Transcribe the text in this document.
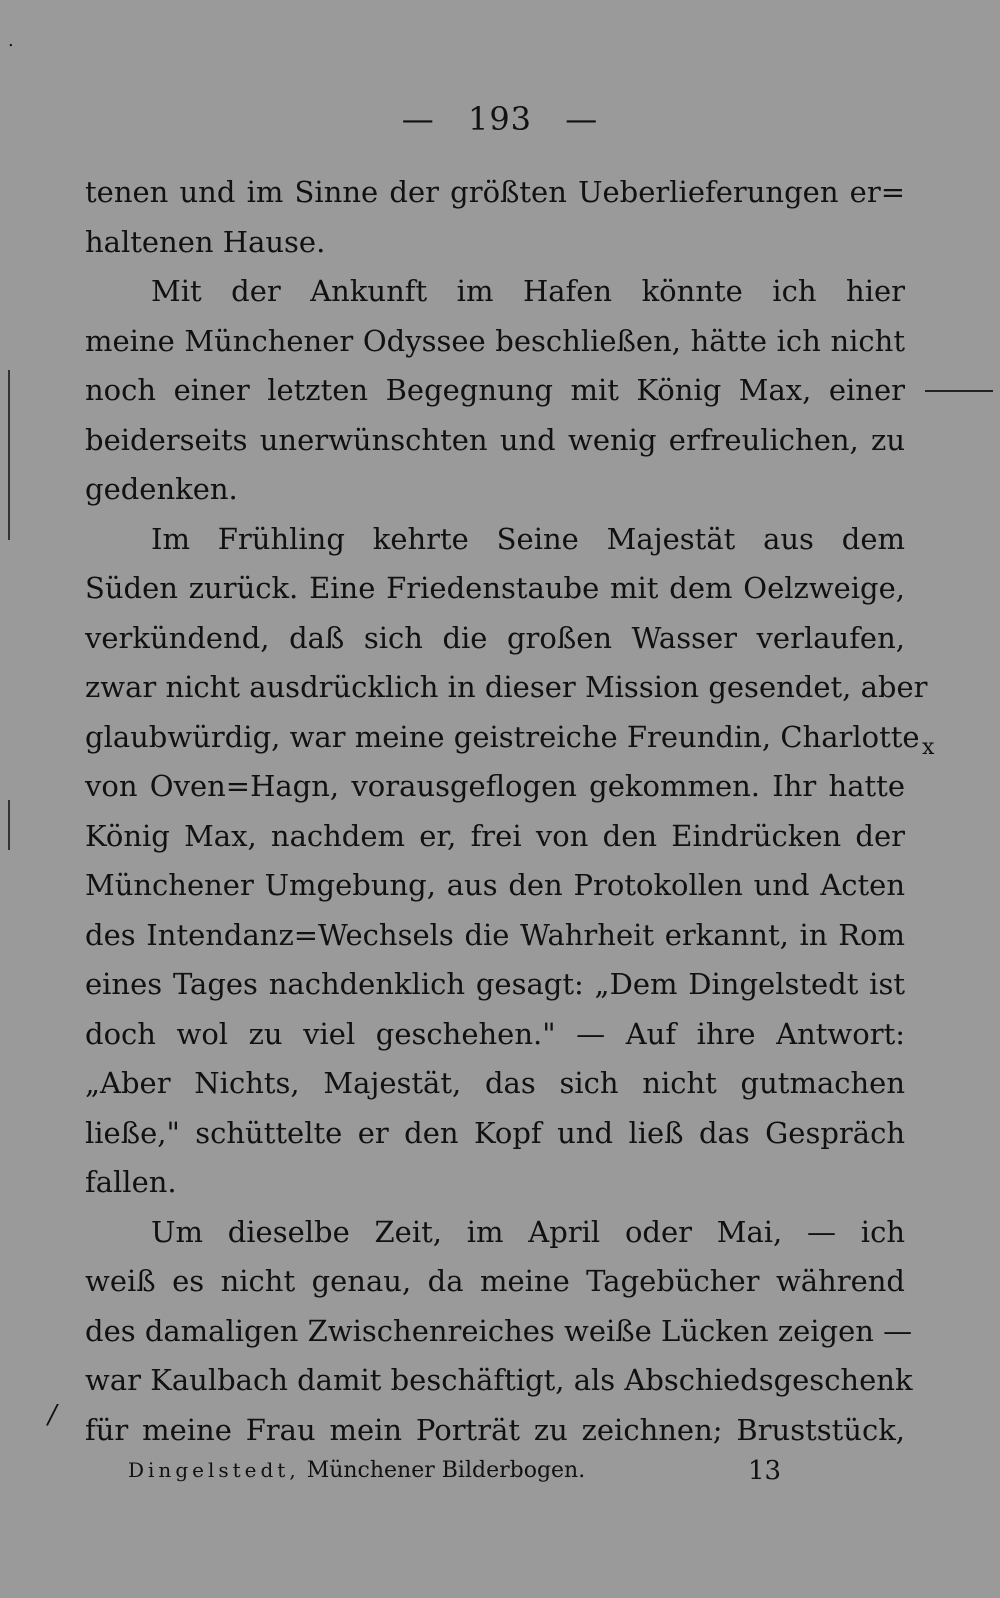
.
— 193 —
tenen und im Sinne der größten Ueberlieferungen er=
haltenen Hause.
Mit der Ankunft im Hafen könnte ich hier
meine Münchener Odyssee beschließen, hätte ich nicht
noch einer letzten Begegnung mit König Max, einer
beiderseits unerwünschten und wenig erfreulichen, zu
gedenken.
Im Frühling kehrte Seine Majestät aus dem
Süden zurück. Eine Friedenstaube mit dem Oelzweige,
verkündend, daß sich die großen Wasser verlaufen,
zwar nicht ausdrücklich in dieser Mission gesendet, aber
glaubwürdig, war meine geistreiche Freundin, Charlotte
von Oven=Hagn, vorausgeflogen gekommen. Ihr hatte
König Max, nachdem er, frei von den Eindrücken der
Münchener Umgebung, aus den Protokollen und Acten
des Intendanz=Wechsels die Wahrheit erkannt, in Rom
eines Tages nachdenklich gesagt: „Dem Dingelstedt ist
doch wol zu viel geschehen." — Auf ihre Antwort:
„Aber Nichts, Majestät, das sich nicht gutmachen
ließe," schüttelte er den Kopf und ließ das Gespräch
fallen.
Um dieselbe Zeit, im April oder Mai, — ich
weiß es nicht genau, da meine Tagebücher während
des damaligen Zwischenreiches weiße Lücken zeigen —
war Kaulbach damit beschäftigt, als Abschiedsgeschenk
für meine Frau mein Porträt zu zeichnen; Bruststück,
x
/
Dingelstedt, Münchener Bilderbogen.	13
